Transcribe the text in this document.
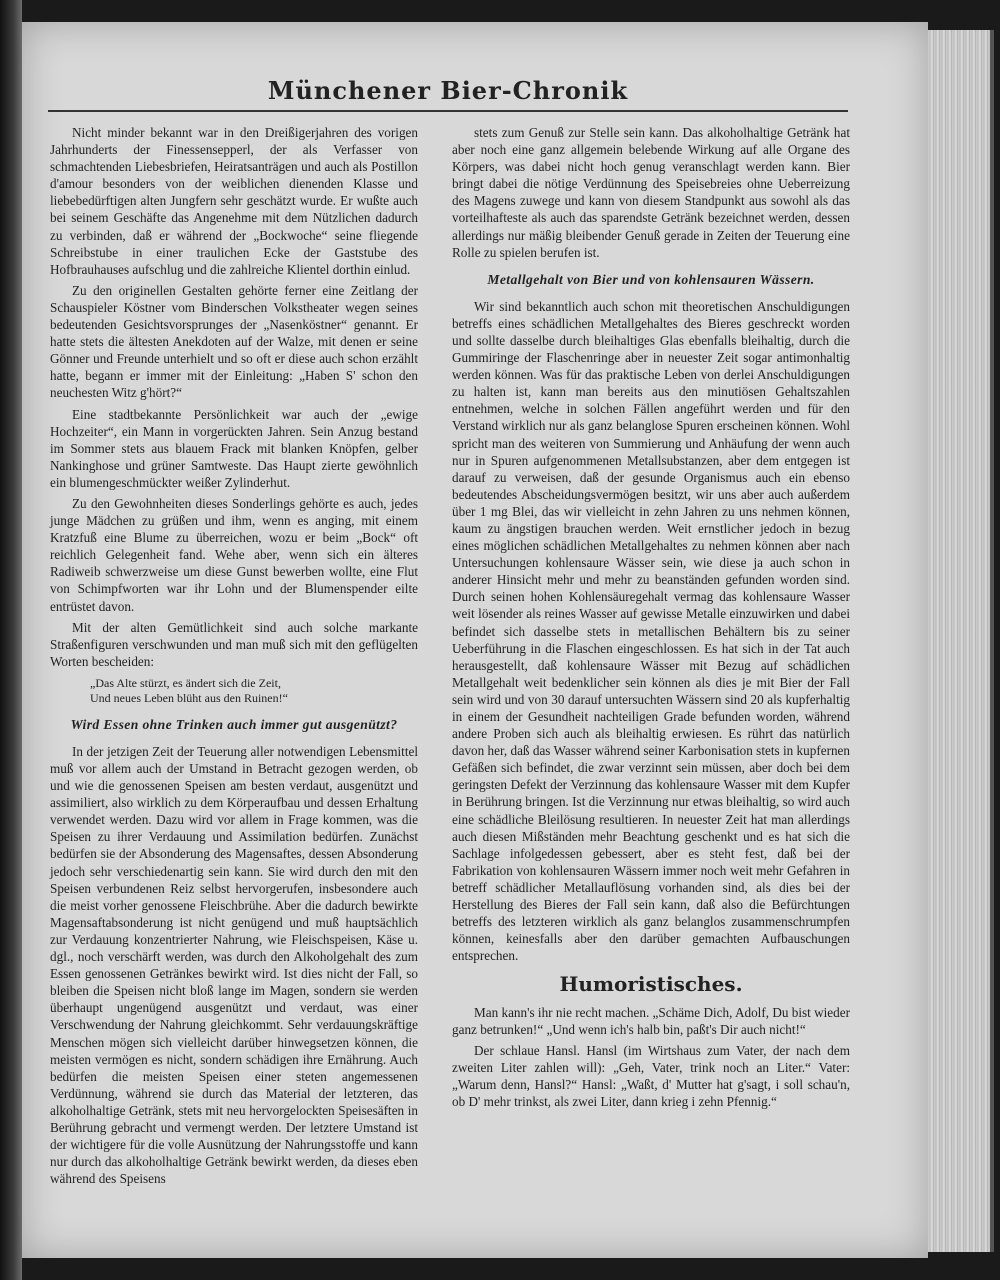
Münchener Bier-Chronik

Nicht minder bekannt war in den Dreißigerjahren des vorigen Jahrhunderts der Finessensepperl, der als Verfasser von schmachtenden Liebesbriefen, Heiratsanträgen und auch als Postillon d'amour besonders von der weiblichen dienenden Klasse und liebebedürftigen alten Jungfern sehr geschätzt wurde. Er wußte auch bei seinem Geschäfte das Angenehme mit dem Nützlichen dadurch zu verbinden, daß er während der „Bockwoche“ seine fliegende Schreibstube in einer traulichen Ecke der Gaststube des Hofbrauhauses aufschlug und die zahlreiche Klientel dorthin einlud.

Zu den originellen Gestalten gehörte ferner eine Zeitlang der Schauspieler Köstner vom Binderschen Volkstheater wegen seines bedeutenden Gesichtsvorsprunges der „Nasenköstner“ genannt. Er hatte stets die ältesten Anekdoten auf der Walze, mit denen er seine Gönner und Freunde unterhielt und so oft er diese auch schon erzählt hatte, begann er immer mit der Einleitung: „Haben S' schon den neuchesten Witz g'hört?“

Eine stadtbekannte Persönlichkeit war auch der „ewige Hochzeiter“, ein Mann in vorgerückten Jahren. Sein Anzug bestand im Sommer stets aus blauem Frack mit blanken Knöpfen, gelber Nankinghose und grüner Samtweste. Das Haupt zierte gewöhnlich ein blumengeschmückter weißer Zylinderhut.

Zu den Gewohnheiten dieses Sonderlings gehörte es auch, jedes junge Mädchen zu grüßen und ihm, wenn es anging, mit einem Kratzfuß eine Blume zu überreichen, wozu er beim „Bock“ oft reichlich Gelegenheit fand. Wehe aber, wenn sich ein älteres Radiweib schwerzweise um diese Gunst bewerben wollte, eine Flut von Schimpfworten war ihr Lohn und der Blumenspender eilte entrüstet davon.

Mit der alten Gemütlichkeit sind auch solche markante Straßenfiguren verschwunden und man muß sich mit den geflügelten Worten bescheiden:

„Das Alte stürzt, es ändert sich die Zeit,
Und neues Leben blüht aus den Ruinen!“
Wird Essen ohne Trinken auch immer gut ausgenützt?

In der jetzigen Zeit der Teuerung aller notwendigen Lebensmittel muß vor allem auch der Umstand in Betracht gezogen werden, ob und wie die genossenen Speisen am besten verdaut, ausgenützt und assimiliert, also wirklich zu dem Körperaufbau und dessen Erhaltung verwendet werden. Dazu wird vor allem in Frage kommen, was die Speisen zu ihrer Verdauung und Assimilation bedürfen. Zunächst bedürfen sie der Absonderung des Magensaftes, dessen Absonderung jedoch sehr verschiedenartig sein kann. Sie wird durch den mit den Speisen verbundenen Reiz selbst hervorgerufen, insbesondere auch die meist vorher genossene Fleischbrühe. Aber die dadurch bewirkte Magensaftabsonderung ist nicht genügend und muß hauptsächlich zur Verdauung konzentrierter Nahrung, wie Fleischspeisen, Käse u. dgl., noch verschärft werden, was durch den Alkoholgehalt des zum Essen genossenen Getränkes bewirkt wird. Ist dies nicht der Fall, so bleiben die Speisen nicht bloß lange im Magen, sondern sie werden überhaupt ungenügend ausgenützt und verdaut, was einer Verschwendung der Nahrung gleichkommt. Sehr verdauungskräftige Menschen mögen sich vielleicht darüber hinwegsetzen können, die meisten vermögen es nicht, sondern schädigen ihre Ernährung. Auch bedürfen die meisten Speisen einer steten angemessenen Verdünnung, während sie durch das Material der letzteren, das alkoholhaltige Getränk, stets mit neu hervorgelockten Speisesäften in Berührung gebracht und vermengt werden. Der letztere Umstand ist der wichtigere für die volle Ausnützung der Nahrungsstoffe und kann nur durch das alkoholhaltige Getränk bewirkt werden, da dieses eben während des Speisens

stets zum Genuß zur Stelle sein kann. Das alkoholhaltige Getränk hat aber noch eine ganz allgemein belebende Wirkung auf alle Organe des Körpers, was dabei nicht hoch genug veranschlagt werden kann. Bier bringt dabei die nötige Verdünnung des Speisebreies ohne Ueberreizung des Magens zuwege und kann von diesem Standpunkt aus sowohl als das vorteilhafteste als auch das sparendste Getränk bezeichnet werden, dessen allerdings nur mäßig bleibender Genuß gerade in Zeiten der Teuerung eine Rolle zu spielen berufen ist.

Metallgehalt von Bier und von kohlensauren Wässern.

Wir sind bekanntlich auch schon mit theoretischen Anschuldigungen betreffs eines schädlichen Metallgehaltes des Bieres geschreckt worden und sollte dasselbe durch bleihaltiges Glas ebenfalls bleihaltig, durch die Gummiringe der Flaschenringe aber in neuester Zeit sogar antimonhaltig werden können. Was für das praktische Leben von derlei Anschuldigungen zu halten ist, kann man bereits aus den minutiösen Gehaltszahlen entnehmen, welche in solchen Fällen angeführt werden und für den Verstand wirklich nur als ganz belanglose Spuren erscheinen können. Wohl spricht man des weiteren von Summierung und Anhäufung der wenn auch nur in Spuren aufgenommenen Metallsubstanzen, aber dem entgegen ist darauf zu verweisen, daß der gesunde Organismus auch ein ebenso bedeutendes Abscheidungsvermögen besitzt, wir uns aber auch außerdem über 1 mg Blei, das wir vielleicht in zehn Jahren zu uns nehmen können, kaum zu ängstigen brauchen werden. Weit ernstlicher jedoch in bezug eines möglichen schädlichen Metallgehaltes zu nehmen können aber nach Untersuchungen kohlensaure Wässer sein, wie diese ja auch schon in anderer Hinsicht mehr und mehr zu beanständen gefunden worden sind. Durch seinen hohen Kohlensäuregehalt vermag das kohlensaure Wasser weit lösender als reines Wasser auf gewisse Metalle einzuwirken und dabei befindet sich dasselbe stets in metallischen Behältern bis zu seiner Ueberführung in die Flaschen eingeschlossen. Es hat sich in der Tat auch herausgestellt, daß kohlensaure Wässer mit Bezug auf schädlichen Metallgehalt weit bedenklicher sein können als dies je mit Bier der Fall sein wird und von 30 darauf untersuchten Wässern sind 20 als kupferhaltig in einem der Gesundheit nachteiligen Grade befunden worden, während andere Proben sich auch als bleihaltig erwiesen. Es rührt das natürlich davon her, daß das Wasser während seiner Karbonisation stets in kupfernen Gefäßen sich befindet, die zwar verzinnt sein müssen, aber doch bei dem geringsten Defekt der Verzinnung das kohlensaure Wasser mit dem Kupfer in Berührung bringen. Ist die Verzinnung nur etwas bleihaltig, so wird auch eine schädliche Bleilösung resultieren. In neuester Zeit hat man allerdings auch diesen Mißständen mehr Beachtung geschenkt und es hat sich die Sachlage infolgedessen gebessert, aber es steht fest, daß bei der Fabrikation von kohlensauren Wässern immer noch weit mehr Gefahren in betreff schädlicher Metallauflösung vorhanden sind, als dies bei der Herstellung des Bieres der Fall sein kann, daß also die Befürchtungen betreffs des letzteren wirklich als ganz belanglos zusammenschrumpfen können, keinesfalls aber den darüber gemachten Aufbauschungen entsprechen.

Humoristisches.

Man kann's ihr nie recht machen. „Schäme Dich, Adolf, Du bist wieder ganz betrunken!“ „Und wenn ich's halb bin, paßt's Dir auch nicht!“

Der schlaue Hansl. Hansl (im Wirtshaus zum Vater, der nach dem zweiten Liter zahlen will): „Geh, Vater, trink noch an Liter.“ Vater: „Warum denn, Hansl?“ Hansl: „Waßt, d' Mutter hat g'sagt, i soll schau'n, ob D' mehr trinkst, als zwei Liter, dann krieg i zehn Pfennig.“
